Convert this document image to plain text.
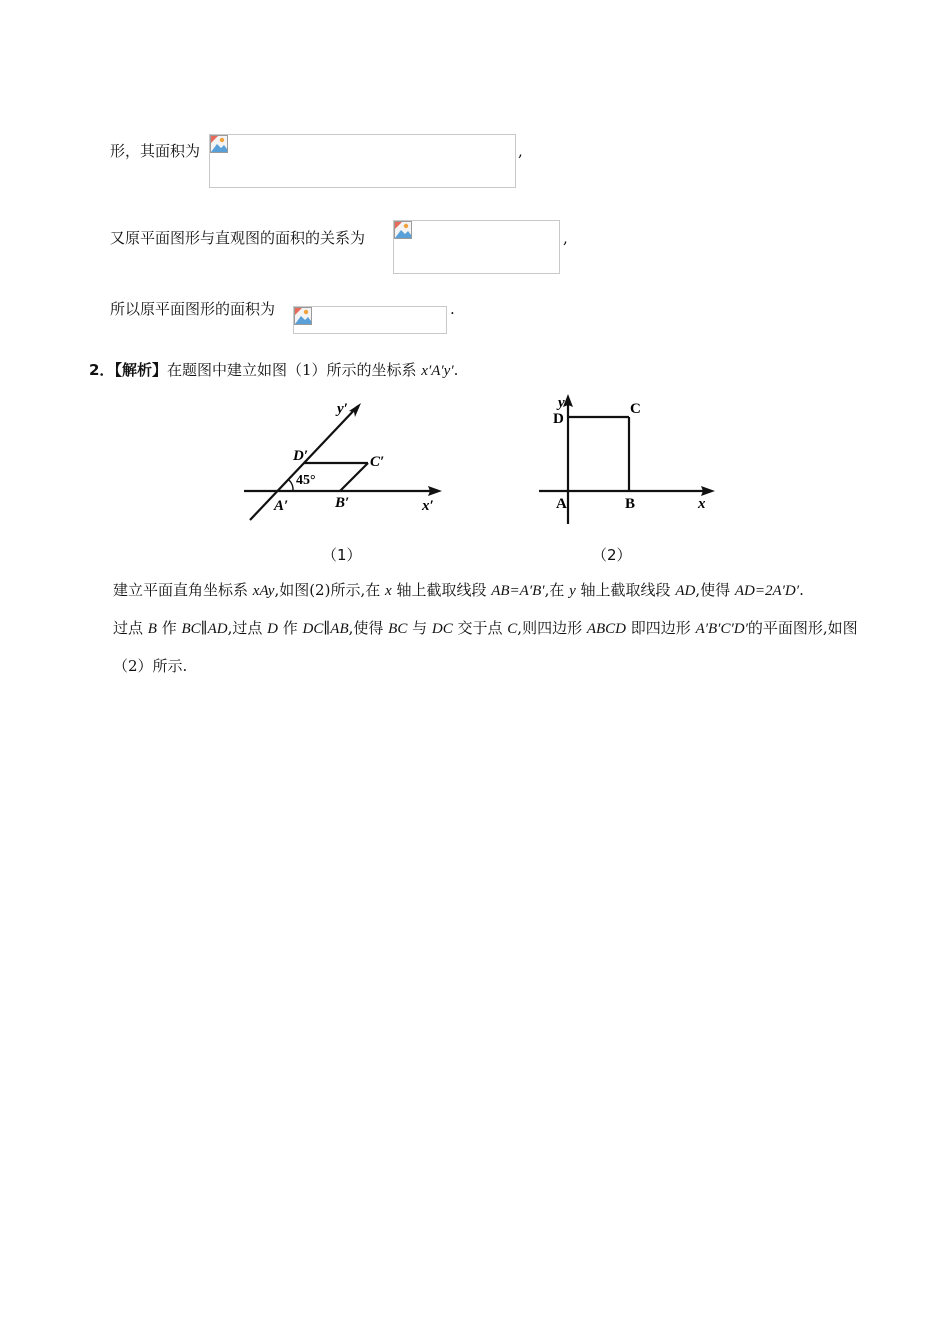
形，其面积为	,
又原平面图形与直观图的面积的关系为	,
所以原平面图形的面积为	.
2．【解析】在题图中建立如图（1）所示的坐标系 x′A′y′.
y′
D′	C′
45°
A′	B′	x′
（1）
y
D
C
A	B	x
（2）
建立平面直角坐标系 xAy,如图(2)所示,在 x 轴上截取线段 AB=A′B′,在 y 轴上截取线段 AD,使得 AD=2A′D′.
过点 B 作 BC∥AD,过点 D 作 DC∥AB,使得 BC 与 DC 交于点 C,则四边形 ABCD 即四边形 A′B′C′D′的平面图形,如图（2）所示.
